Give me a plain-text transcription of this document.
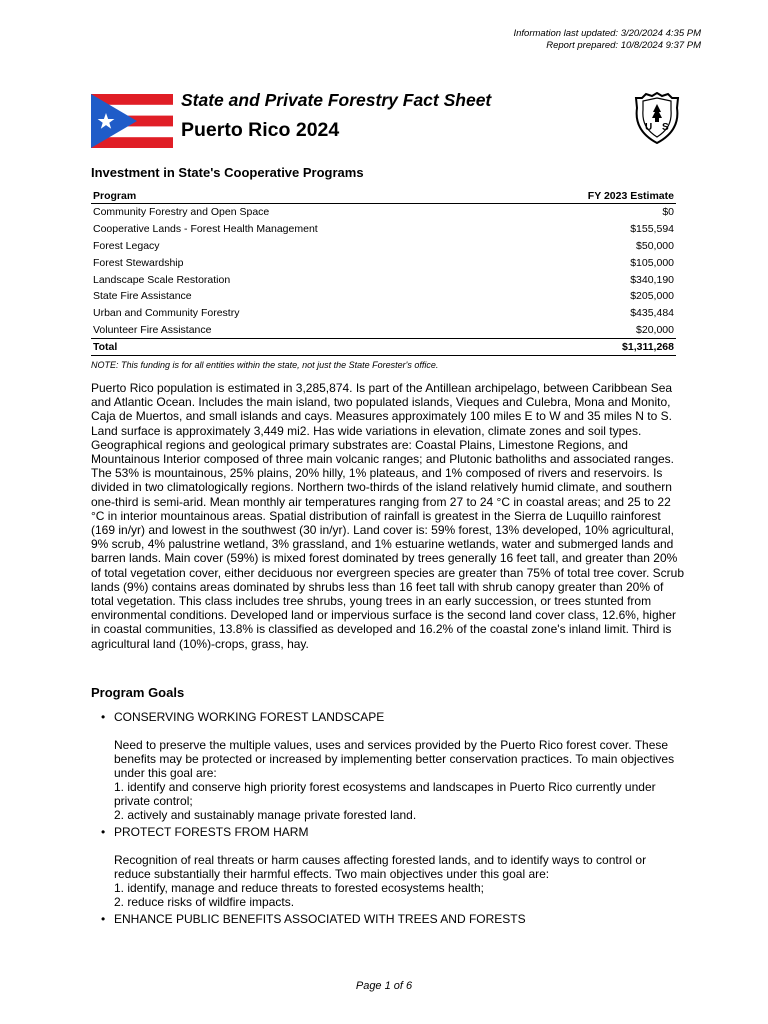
Information last updated: 3/20/2024 4:35 PM
Report prepared: 10/8/2024 9:37 PM
State and Private Forestry Fact Sheet
Puerto Rico 2024	U S
Investment in State's Cooperative Programs
Program	FY 2023 Estimate
Community Forestry and Open Space	$0
Cooperative Lands - Forest Health Management	$155,594
Forest Legacy	$50,000
Forest Stewardship	$105,000
Landscape Scale Restoration	$340,190
State Fire Assistance	$205,000
Urban and Community Forestry	$435,484
Volunteer Fire Assistance	$20,000
Total	$1,311,268
NOTE: This funding is for all entities within the state, not just the State Forester's office.

Puerto Rico population is estimated in 3,285,874. Is part of the Antillean archipelago, between Caribbean Sea and Atlantic Ocean. Includes the main island, two populated islands, Vieques and Culebra, Mona and Monito, Caja de Muertos, and small islands and cays. Measures approximately 100 miles E to W and 35 miles N to S. Land surface is approximately 3,449 mi2. Has wide variations in elevation, climate zones and soil types. Geographical regions and geological primary substrates are: Coastal Plains, Limestone Regions, and Mountainous Interior composed of three main volcanic ranges; and Plutonic batholiths and associated ranges. The 53% is mountainous, 25% plains, 20% hilly, 1% plateaus, and 1% composed of rivers and reservoirs. Is divided in two climatologically regions. Northern two-thirds of the island relatively humid climate, and southern one-third is semi-arid. Mean monthly air temperatures ranging from 27 to 24 °C in coastal areas; and 25 to 22 °C in interior mountainous areas. Spatial distribution of rainfall is greatest in the Sierra de Luquillo rainforest (169 in/yr) and lowest in the southwest (30 in/yr). Land cover is: 59% forest, 13% developed, 10% agricultural, 9% scrub, 4% palustrine wetland, 3% grassland, and 1% estuarine wetlands, water and submerged lands and barren lands. Main cover (59%) is mixed forest dominated by trees generally 16 feet tall, and greater than 20% of total vegetation cover, either deciduous nor evergreen species are greater than 75% of total tree cover. Scrub lands (9%) contains areas dominated by shrubs less than 16 feet tall with shrub canopy greater than 20% of total vegetation. This class includes tree shrubs, young trees in an early succession, or trees stunted from environmental conditions. Developed land or impervious surface is the second land cover class, 12.6%, higher in coastal communities, 13.8% is classified as developed and 16.2% of the coastal zone's inland limit. Third is agricultural land (10%)-crops, grass, hay.

Program Goals
• CONSERVING WORKING FOREST LANDSCAPE
Need to preserve the multiple values, uses and services provided by the Puerto Rico forest cover. These benefits may be protected or increased by implementing better conservation practices. To main objectives under this goal are:
1. identify and conserve high priority forest ecosystems and landscapes in Puerto Rico currently under private control;
2. actively and sustainably manage private forested land.
• PROTECT FORESTS FROM HARM
Recognition of real threats or harm causes affecting forested lands, and to identify ways to control or reduce substantially their harmful effects. Two main objectives under this goal are:
1. identify, manage and reduce threats to forested ecosystems health;
2. reduce risks of wildfire impacts.
• ENHANCE PUBLIC BENEFITS ASSOCIATED WITH TREES AND FORESTS
Page 1 of 6
